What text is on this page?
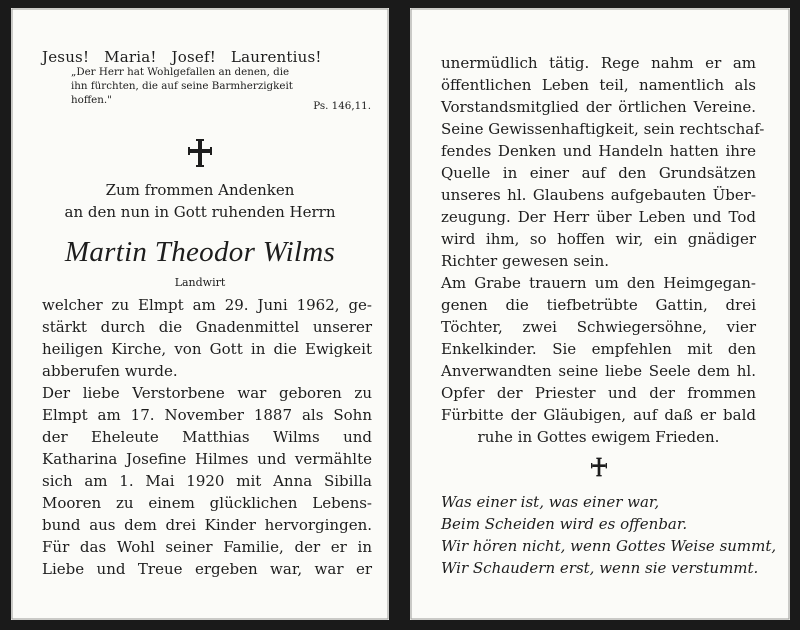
Jesus! Maria! Josef! Laurentius!
„Der Herr hat Wohlgefallen an denen, die
ihn fürchten, die auf seine Barmherzigkeit
hoffen."	Ps. 146,11.
Zum frommen Andenken
an den nun in Gott ruhenden Herrn
Martin Theodor Wilms
Landwirt
welcher zu Elmpt am 29. Juni 1962, ge-
stärkt durch die Gnadenmittel unserer
heiligen Kirche, von Gott in die Ewigkeit
abberufen wurde.
Der liebe Verstorbene war geboren zu
Elmpt am 17. November 1887 als Sohn
der Eheleute Matthias Wilms und
Katharina Josefine Hilmes und vermählte
sich am 1. Mai 1920 mit Anna Sibilla
Mooren zu einem glücklichen Lebens-
bund aus dem drei Kinder hervorgingen.
Für das Wohl seiner Familie, der er in
Liebe und Treue ergeben war, war er
unermüdlich tätig. Rege nahm er am
öffentlichen Leben teil, namentlich als
Vorstandsmitglied der örtlichen Vereine.
Seine Gewissenhaftigkeit, sein rechtschaf-
fendes Denken und Handeln hatten ihre
Quelle in einer auf den Grundsätzen
unseres hl. Glaubens aufgebauten Über-
zeugung. Der Herr über Leben und Tod
wird ihm, so hoffen wir, ein gnädiger
Richter gewesen sein.
Am Grabe trauern um den Heimgegan-
genen die tiefbetrübte Gattin, drei
Töchter, zwei Schwiegersöhne, vier
Enkelkinder. Sie empfehlen mit den
Anverwandten seine liebe Seele dem hl.
Opfer der Priester und der frommen
Fürbitte der Gläubigen, auf daß er bald
ruhe in Gottes ewigem Frieden.
Was einer ist, was einer war,
Beim Scheiden wird es offenbar.
Wir hören nicht, wenn Gottes Weise summt,
Wir Schaudern erst, wenn sie verstummt.
